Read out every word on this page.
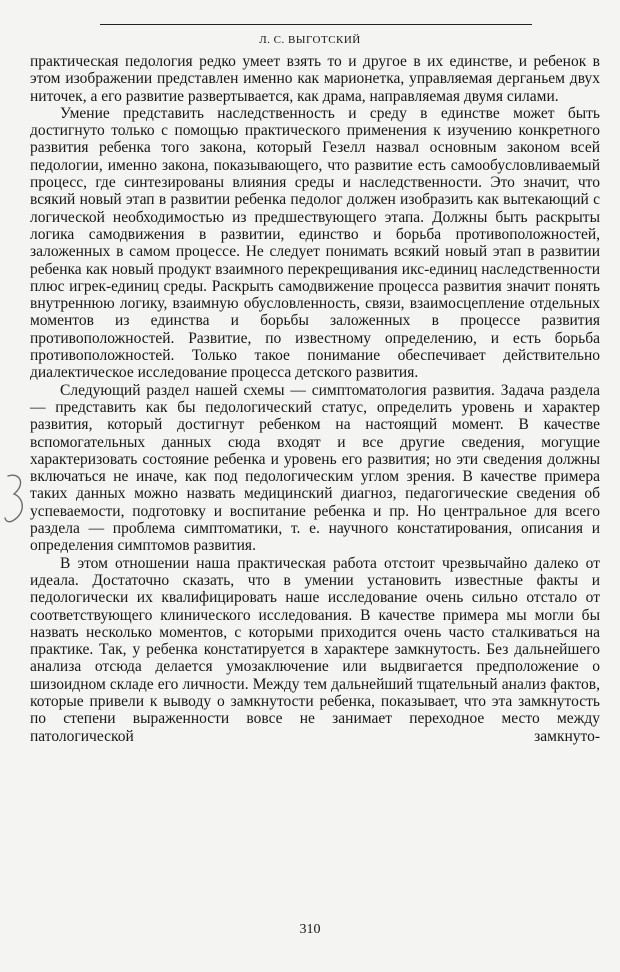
Л. С. ВЫГОТСКИЙ

практическая педология редко умеет взять то и другое в их единстве, и ребенок в этом изображении представлен именно как марионетка, управляемая дерганьем двух ниточек, а его развитие развертывается, как драма, направляемая двумя силами.

Умение представить наследственность и среду в единстве может быть достигнуто только с помощью практического применения к изучению конкретного развития ребенка того закона, который Гезелл назвал основным законом всей педологии, именно закона, показывающего, что развитие есть самообусловливаемый процесс, где синтезированы влияния среды и наследственности. Это значит, что всякий новый этап в развитии ребенка педолог должен изобразить как вытекающий с логической необходимостью из предшествующего этапа. Должны быть раскрыты логика самодвижения в развитии, единство и борьба противоположностей, заложенных в самом процессе. Не следует понимать всякий новый этап в развитии ребенка как новый продукт взаимного перекрещивания икс-единиц наследственности плюс игрек-единиц среды. Раскрыть самодвижение процесса развития значит понять внутреннюю логику, взаимную обусловленность, связи, взаимосцепление отдельных моментов из единства и борьбы заложенных в процессе развития противоположностей. Развитие, по известному определению, и есть борьба противоположностей. Только такое понимание обеспечивает действительно диалектическое исследование процесса детского развития.

Следующий раздел нашей схемы — симптоматология развития. Задача раздела — представить как бы педологический статус, определить уровень и характер развития, который достигнут ребенком на настоящий момент. В качестве вспомогательных данных сюда входят и все другие сведения, могущие характеризовать состояние ребенка и уровень его развития; но эти сведения должны включаться не иначе, как под педологическим углом зрения. В качестве примера таких данных можно назвать медицинский диагноз, педагогические сведения об успеваемости, подготовку и воспитание ребенка и пр. Но центральное для всего раздела — проблема симптоматики, т. е. научного констатирования, описания и определения симптомов развития.

В этом отношении наша практическая работа отстоит чрезвычайно далеко от идеала. Достаточно сказать, что в умении установить известные факты и педологически их квалифицировать наше исследование очень сильно отстало от соответствующего клинического исследования. В качестве примера мы могли бы назвать несколько моментов, с которыми приходится очень часто сталкиваться на практике. Так, у ребенка констатируется в характере замкнутость. Без дальнейшего анализа отсюда делается умозаключение или выдвигается предположение о шизоидном складе его личности. Между тем дальнейший тщательный анализ фактов, которые привели к выводу о замкнутости ребенка, показывает, что эта замкнутость по степени выраженности вовсе не занимает переходное место между патологической замкнуто-

310
